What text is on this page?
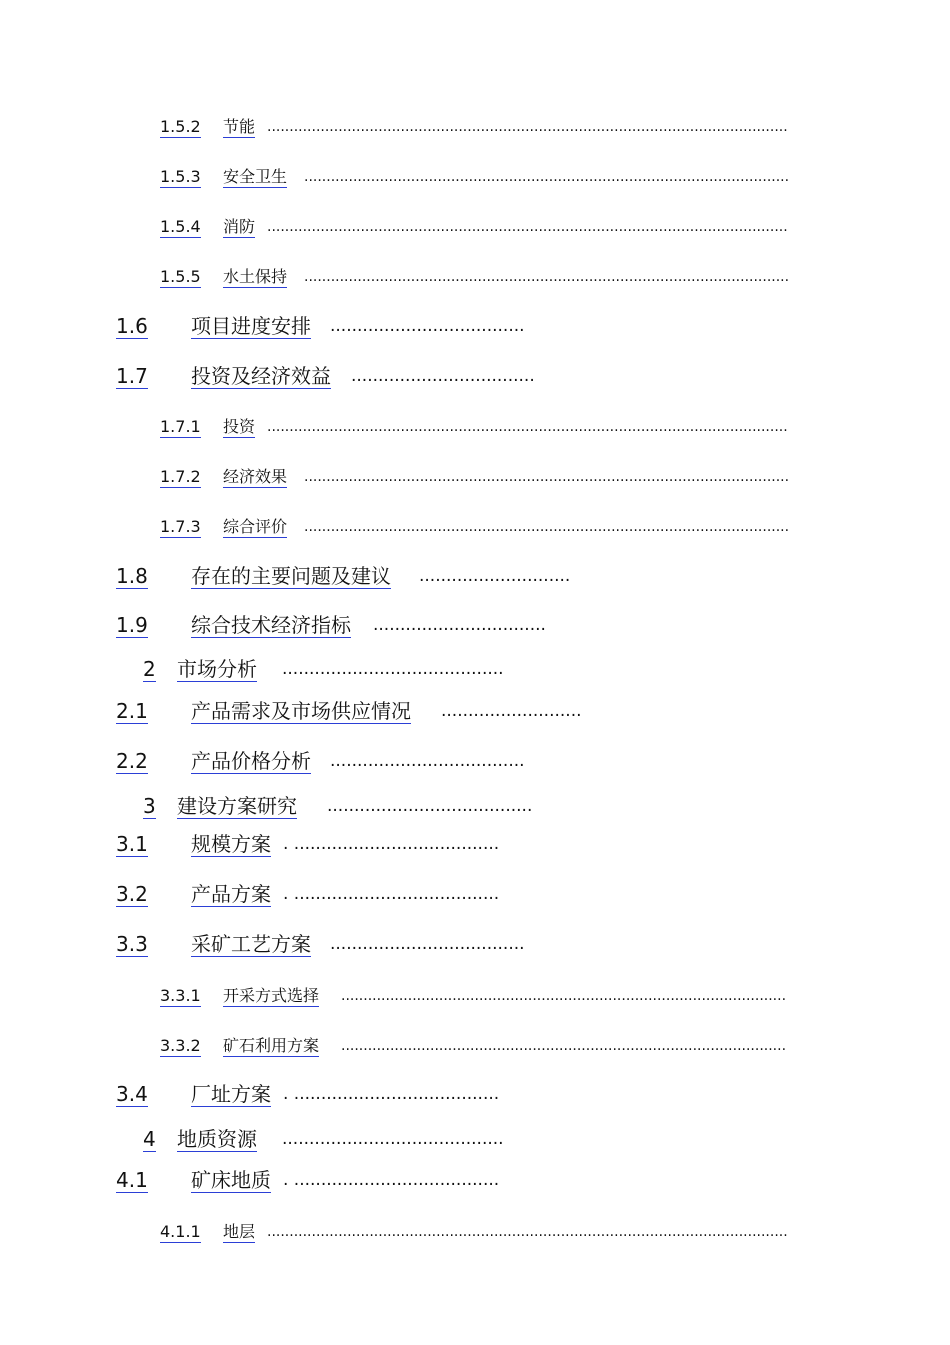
1.5.2 节能 .....................................................................................................................
1.5.3 安全卫生 .............................................................................................................
1.5.4 消防 .....................................................................................................................
1.5.5 水土保持 .............................................................................................................
1.6 项目进度安排 ....................................
1.7 投资及经济效益 ..................................
1.7.1 投资 .....................................................................................................................
1.7.2 经济效果 .............................................................................................................
1.7.3 综合评价 .............................................................................................................
1.8 存在的主要问题及建议 ............................
1.9 综合技术经济指标 ................................
2 市场分析 .........................................
2.1 产品需求及市场供应情况 ..........................
2.2 产品价格分析 ....................................
3 建设方案研究 ......................................
3.1 规模方案 . ......................................
3.2 产品方案 . ......................................
3.3 采矿工艺方案 ....................................
3.3.1 开采方式选择 ....................................................................................................
3.3.2 矿石利用方案 ....................................................................................................
3.4 厂址方案 . ......................................
4 地质资源 .........................................
4.1 矿床地质 . ......................................
4.1.1 地层 .....................................................................................................................
